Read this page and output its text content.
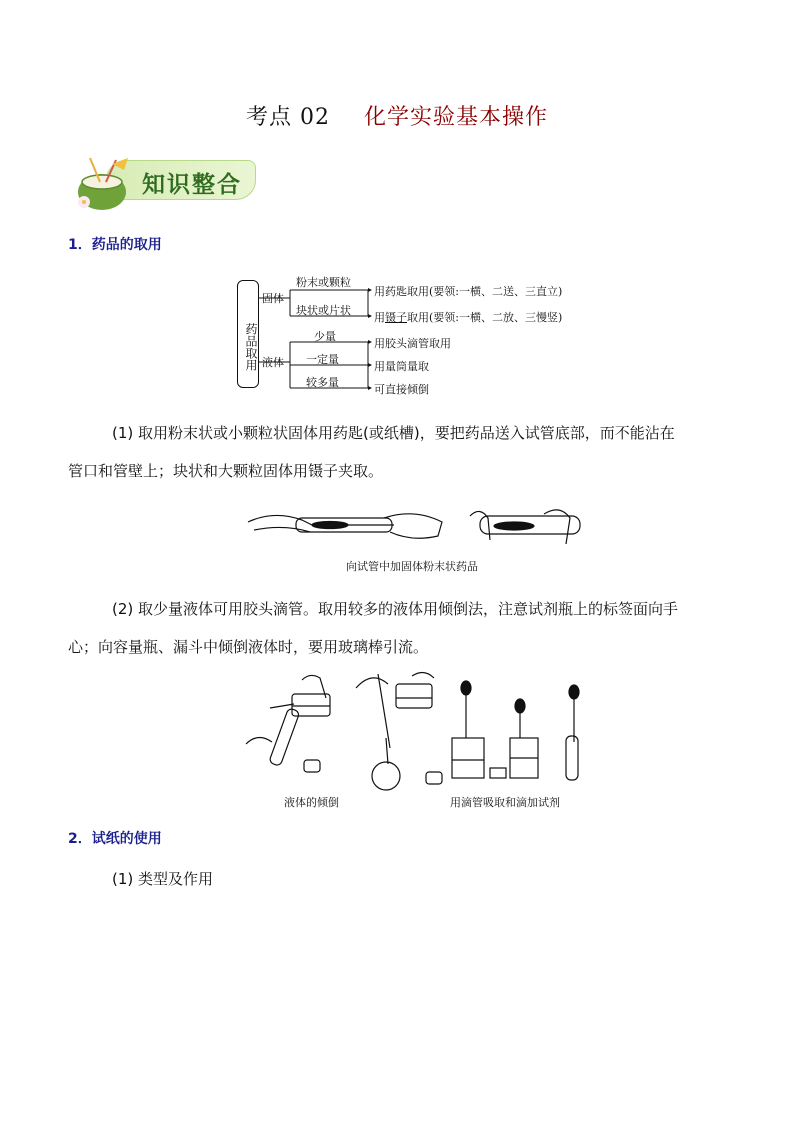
考点 02 化学实验基本操作
知识整合
1．药品的取用
药品取用
固体
液体
粉末或颗粒
块状或片状
少量
一定量
较多量
用药匙取用(要领:一横、二送、三直立)
用镊子取用(要领:一横、二放、三慢竖)
用胶头滴管取用
用量筒量取
可直接倾倒
(1) 取用粉末状或小颗粒状固体用药匙(或纸槽)，要把药品送入试管底部，而不能沾在
管口和管壁上；块状和大颗粒固体用镊子夹取。
向试管中加固体粉末状药品
(2) 取少量液体可用胶头滴管。取用较多的液体用倾倒法，注意试剂瓶上的标签面向手
心；向容量瓶、漏斗中倾倒液体时，要用玻璃棒引流。
液体的倾倒	用滴管吸取和滴加试剂
2．试纸的使用
(1) 类型及作用
